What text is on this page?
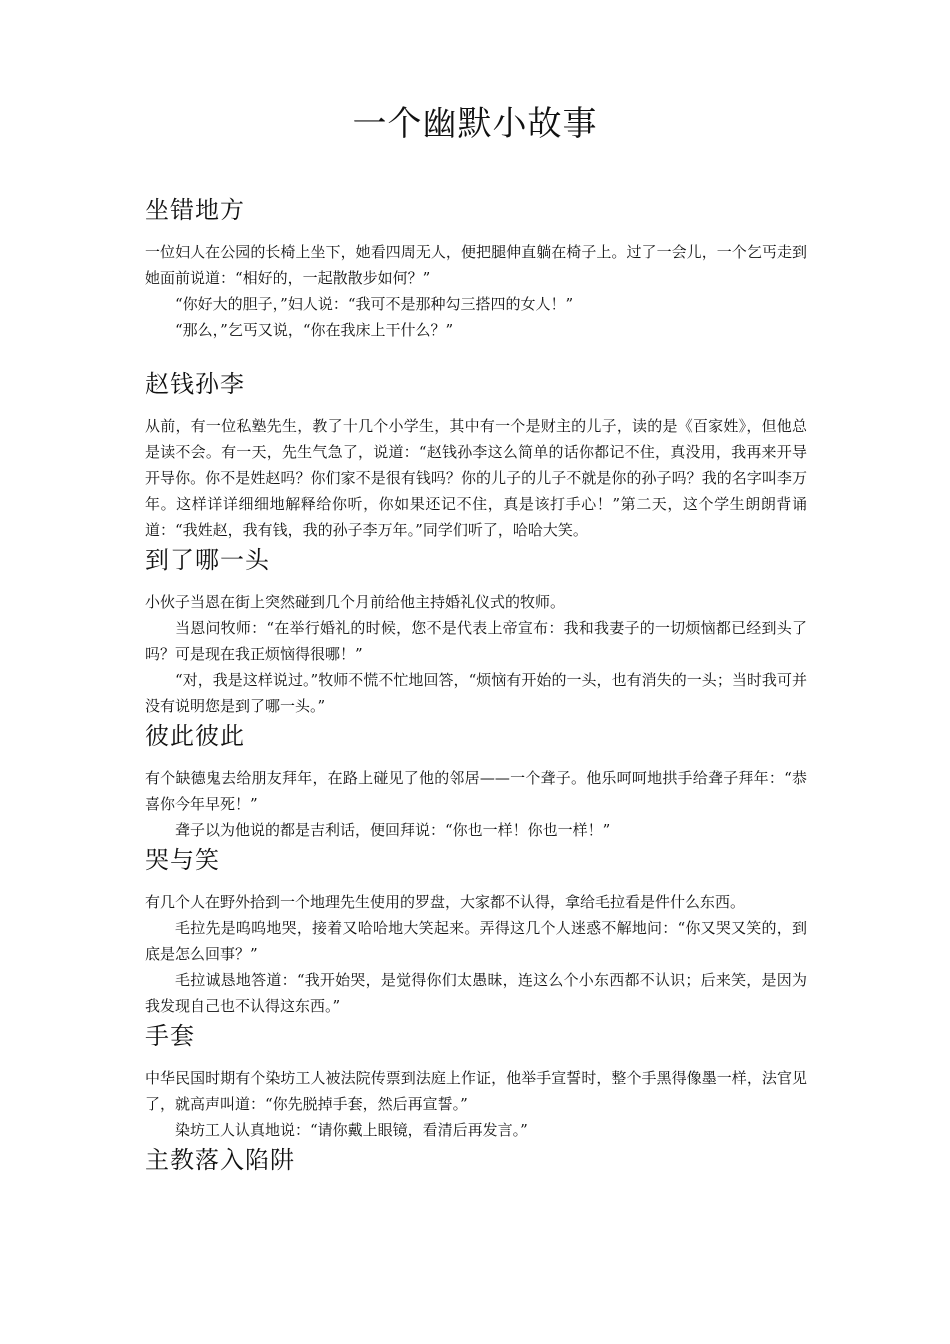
一个幽默小故事
坐错地方

一位妇人在公园的长椅上坐下，她看四周无人，便把腿伸直躺在椅子上。过了一会儿，一个乞丐走到她面前说道：“相好的，一起散散步如何？”

“你好大的胆子，”妇人说：“我可不是那种勾三搭四的女人！”

“那么，”乞丐又说，“你在我床上干什么？”

赵钱孙李

从前，有一位私塾先生，教了十几个小学生，其中有一个是财主的儿子，读的是《百家姓》，但他总是读不会。有一天，先生气急了，说道：“赵钱孙李这么简单的话你都记不住，真没用，我再来开导开导你。你不是姓赵吗？你们家不是很有钱吗？你的儿子的儿子不就是你的孙子吗？我的名字叫李万年。这样详详细细地解释给你听，你如果还记不住，真是该打手心！”第二天，这个学生朗朗背诵道：“我姓赵，我有钱，我的孙子李万年。”同学们听了，哈哈大笑。

到了哪一头

小伙子当恩在街上突然碰到几个月前给他主持婚礼仪式的牧师。

当恩问牧师：“在举行婚礼的时候，您不是代表上帝宣布：我和我妻子的一切烦恼都已经到头了吗？可是现在我正烦恼得很哪！”

“对，我是这样说过。”牧师不慌不忙地回答，“烦恼有开始的一头，也有消失的一头；当时我可并没有说明您是到了哪一头。”

彼此彼此

有个缺德鬼去给朋友拜年，在路上碰见了他的邻居——一个聋子。他乐呵呵地拱手给聋子拜年：“恭喜你今年早死！”

聋子以为他说的都是吉利话，便回拜说：“你也一样！你也一样！”

哭与笑

有几个人在野外拾到一个地理先生使用的罗盘，大家都不认得，拿给毛拉看是件什么东西。

毛拉先是呜呜地哭，接着又哈哈地大笑起来。弄得这几个人迷惑不解地问：“你又哭又笑的，到底是怎么回事？”

毛拉诚恳地答道：“我开始哭，是觉得你们太愚昧，连这么个小东西都不认识；后来笑，是因为我发现自己也不认得这东西。”

手套

中华民国时期有个染坊工人被法院传票到法庭上作证，他举手宣誓时，整个手黑得像墨一样，法官见了，就高声叫道：“你先脱掉手套，然后再宣誓。”

染坊工人认真地说：“请你戴上眼镜，看清后再发言。”

主教落入陷阱
